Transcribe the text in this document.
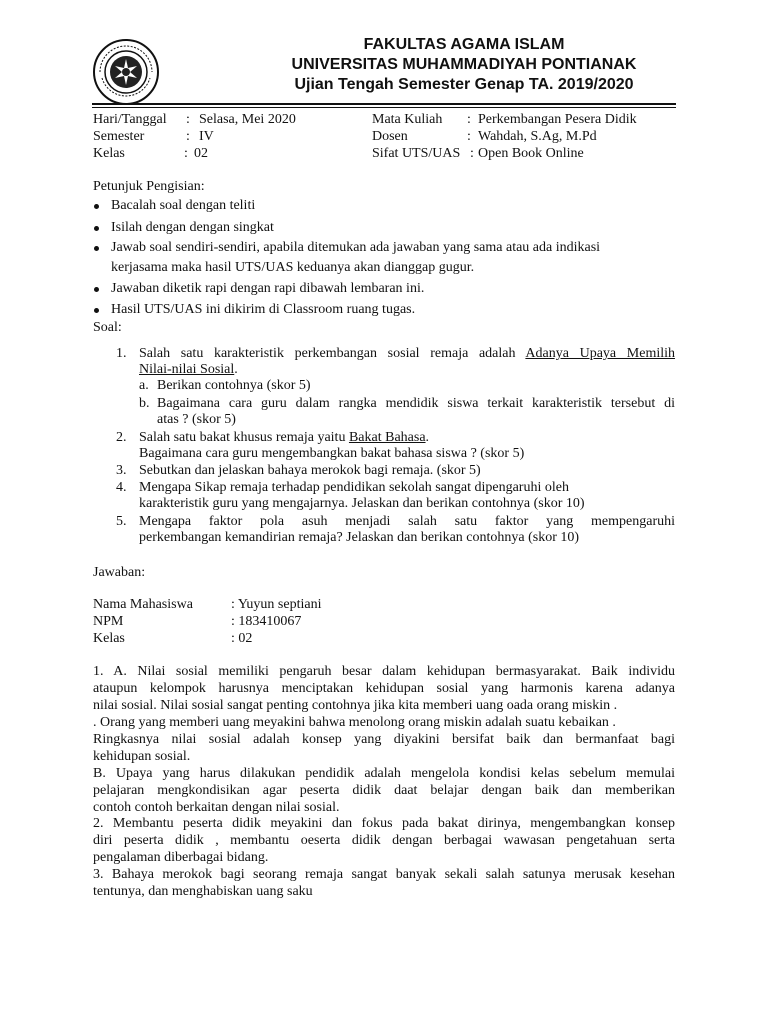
FAKULTAS AGAMA ISLAM
UNIVERSITAS MUHAMMADIYAH PONTIANAK
Ujian Tengah Semester Genap TA. 2019/2020
Hari/Tanggal : Selasa, Mei 2020
Semester	: IV
Kelas	: 02
Mata Kuliah : Perkembangan Pesera Didik
Dosen	: Wahdah, S.Ag, M.Pd
Sifat UTS/UAS : Open Book Online
Petunjuk Pengisian:
Bacalah soal dengan teliti
Isilah dengan dengan singkat
Jawab soal sendiri-sendiri, apabila ditemukan ada jawaban yang sama atau ada indikasi
kerjasama maka hasil UTS/UAS keduanya akan dianggap gugur.
Jawaban diketik rapi dengan rapi dibawah lembaran ini.
Hasil UTS/UAS ini dikirim di Classroom ruang tugas.
Soal:
1. Salah satu karakteristik perkembangan sosial remaja adalah Adanya Upaya Memilih
Nilai-nilai Sosial.
a. Berikan contohnya (skor 5)
b. Bagaimana cara guru dalam rangka mendidik siswa terkait karakteristik tersebut di
atas ? (skor 5)
2. Salah satu bakat khusus remaja yaitu Bakat Bahasa.
Bagaimana cara guru mengembangkan bakat bahasa siswa ? (skor 5)
3. Sebutkan dan jelaskan bahaya merokok bagi remaja. (skor 5)
4. Mengapa Sikap remaja terhadap pendidikan sekolah sangat dipengaruhi oleh
karakteristik guru yang mengajarnya. Jelaskan dan berikan contohnya (skor 10)
5. Mengapa faktor pola asuh menjadi salah satu faktor yang mempengaruhi
perkembangan kemandirian remaja? Jelaskan dan berikan contohnya (skor 10)
Jawaban:
Nama Mahasiswa	: Yuyun septiani
NPM	: 183410067
Kelas	: 02
1. A. Nilai sosial memiliki pengaruh besar dalam kehidupan bermasyarakat. Baik individu
ataupun kelompok harusnya menciptakan kehidupan sosial yang harmonis karena adanya
nilai sosial. Nilai sosial sangat penting contohnya jika kita memberi uang oada orang miskin .
. Orang yang memberi uang meyakini bahwa menolong orang miskin adalah suatu kebaikan .
Ringkasnya nilai sosial adalah konsep yang diyakini bersifat baik dan bermanfaat bagi
kehidupan sosial.
B. Upaya yang harus dilakukan pendidik adalah mengelola kondisi kelas sebelum memulai
pelajaran mengkondisikan agar peserta didik daat belajar dengan baik dan memberikan
contoh contoh berkaitan dengan nilai sosial.
2. Membantu peserta didik meyakini dan fokus pada bakat dirinya, mengembangkan konsep
diri peserta didik , membantu oeserta didik dengan berbagai wawasan pengetahuan serta
pengalaman diberbagai bidang.
3. Bahaya merokok bagi seorang remaja sangat banyak sekali salah satunya merusak kesehan
tentunya, dan menghabiskan uang saku
